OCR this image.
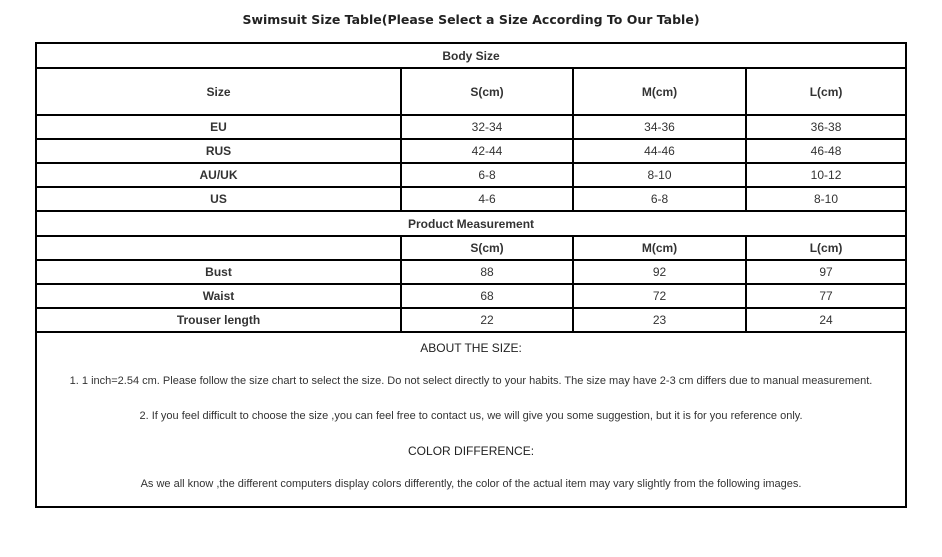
Swimsuit Size Table(Please Select a Size According To Our Table)
Body Size			
Size	S(cm)	M(cm)	L(cm)
EU	32-34	34-36	36-38
RUS	42-44	44-46	46-48
AU/UK	6-8	8-10	10-12
US	4-6	6-8	8-10
Product Measurement			
	S(cm)	M(cm)	L(cm)
Bust	88	92	97
Waist	68	72	77
Trouser length	22	23	24

ABOUT THE SIZE:
1. 1 inch=2.54 cm. Please follow the size chart to select the size. Do not select directly to your habits. The size may have 2-3 cm differs due to manual measurement.
2. If you feel difficult to choose the size ,you can feel free to contact us, we will give you some suggestion, but it is for you reference only.
COLOR DIFFERENCE:
As we all know ,the different computers display colors differently, the color of the actual item may vary slightly from the following images.			
